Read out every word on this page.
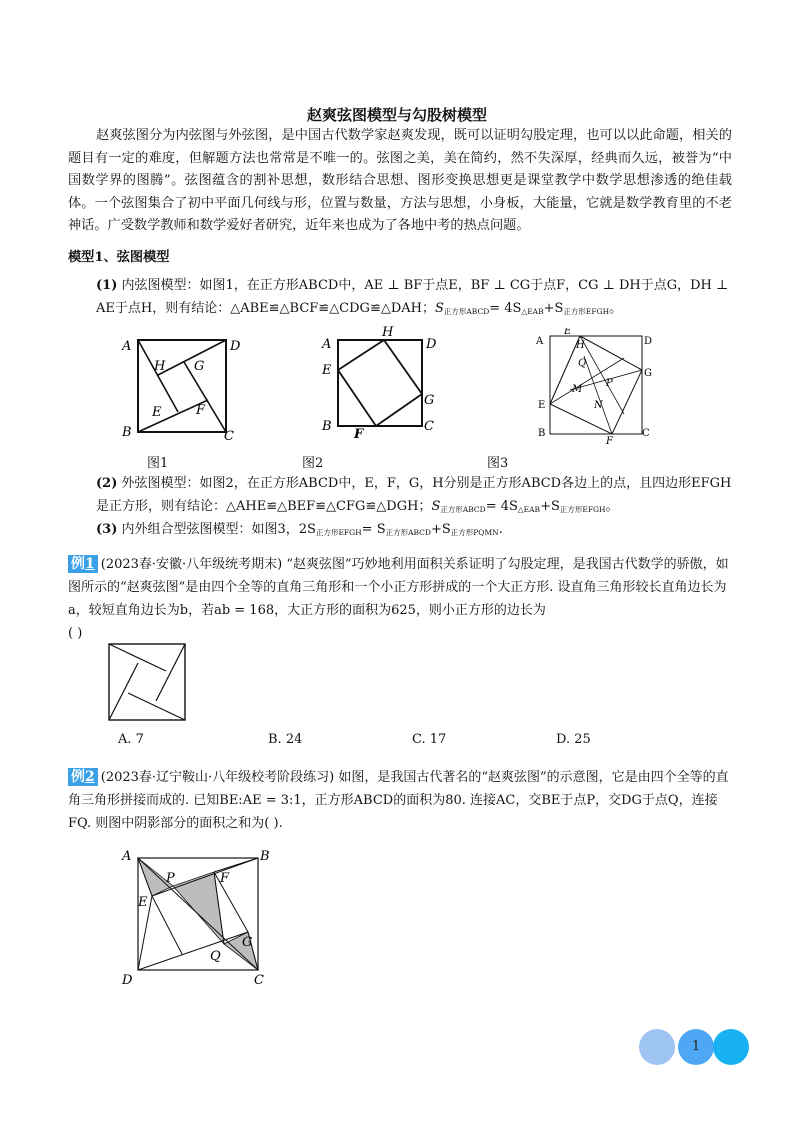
赵爽弦图模型与勾股树模型
赵爽弦图分为内弦图与外弦图，是中国古代数学家赵爽发现，既可以证明勾股定理，也可以以此命题，相关的题目有一定的难度，但解题方法也常常是不唯一的。弦图之美，美在简约，然不失深厚，经典而久远，被誉为“中国数学界的图腾”。弦图蕴含的割补思想，数形结合思想、图形变换思想更是课堂教学中数学思想渗透的绝佳载体。一个弦图集合了初中平面几何线与形，位置与数量，方法与思想，小身板，大能量，它就是数学教育里的不老神话。广受数学教师和数学爱好者研究，近年来也成为了各地中考的热点问题。
模型1、弦图模型
(1) 内弦图模型：如图1，在正方形ABCD中，AE ⊥ BF于点E，BF ⊥ CG于点F，CG ⊥ DH于点G，DH ⊥ AE于点H，则有结论：△ABE≌△BCF≌△CDG≌△DAH；$S_{正方形ABCD}= 4S_{\triangle EAB}+S_{正方形EFGH}$。
A	D
H G
E	F
B	C
A
H
D
E
G
F
B	C
A
E
H	D
Q
P
M
N
G
E
B
F
C
图1	图2	图3
(2) 外弦图模型：如图2，在正方形ABCD中，E，F，G，H分别是正方形ABCD各边上的点，且四边形EFGH是正方形，则有结论：△AHE≌△BEF≌△CFG≌△DGH；$S_{正方形ABCD}= 4S_{\triangle EAB}+S_{正方形EFGH}$。
(3) 内外组合型弦图模型：如图3，$2S_{正方形EFGH}= S_{正方形ABCD}+S_{正方形PQMN}$.
例1 (2023春·安徽·八年级统考期末) “赵爽弦图”巧妙地利用面积关系证明了勾股定理，是我国古代数学的骄傲，如图所示的“赵爽弦图”是由四个全等的直角三角形和一个小正方形拼成的一个大正方形. 设直角三角形较长直角边长为a，较短直角边长为b，若ab = 168，大正方形的面积为625，则小正方形的边长为
( )
A. 7	B. 24	C. 17	D. 25
例2 (2023春·辽宁鞍山·八年级校考阶段练习) 如图，是我国古代著名的“赵爽弦图”的示意图，它是由四个全等的直角三角形拼接而成的. 已知BE:AE = 3:1，正方形ABCD的面积为80. 连接AC，交BE于点P，交DG于点Q，连接FQ. 则图中阴影部分的面积之和为( ).
A	B
P	F
E
G
Q
D	C
1
